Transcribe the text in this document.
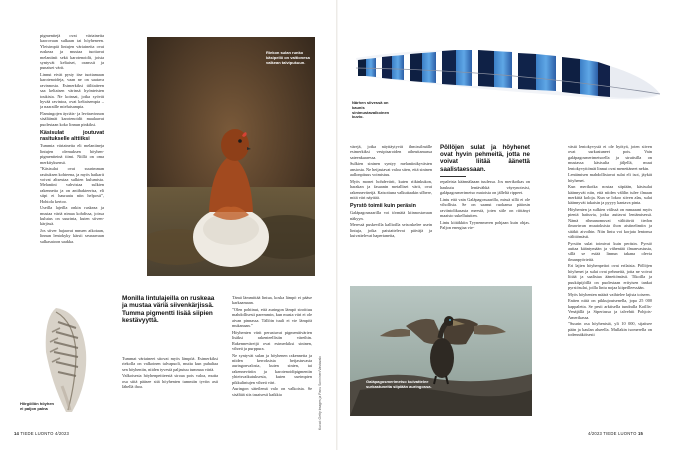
pigmenttejä ovat väriaineita kaorovaan sulkaan tai höyheneen. Yleisimpiä lintujen väriaineita ovat ruskeaa ja mustaa tuottavat melaniinit sekä karotenoidit, joista syntyvät keltaiset, oranssit ja punaiset värit.

Linnut eivät pysty itse tuottamaan karotenoideja, vaan ne on saatava ravinnosta. Esimerkiksi tiilitaiteen saa keltaisen värinsä hyönteisten toukista. Ne koinsat, jotka syövät hyvää ravintoa, ovat keltaisempia – ja naaraille mieluisampia.

Flamingojen äyriäis- ja leväravinnon sisältämät karotenoidit maalaavat puolestaan koko linnun pinkiksi.

Käsisulat joutuvat rasitukselle alttiiksi

Tummia väriaineita eli melaniineja lintujen olemuksen höyhen-pigmentteinä tiimi. Niillä on oma merkityksensä.

”Käsisulat ovat suurimman rasituksen kohteena, ja myös haikarit voivat altseutaa sulkien kulumista. Melaniini vahvistaa sulkien rakennetta ja on antibakteerisa, eli siipi ei hauraatu niin helposti”, Hohtola kertoo.

Useilla lajeilla onkin ruskeaa ja mustaa väriä nimaa kohdissa, joissa kulutus on suurinta, kuten siiven-kärjissä.

Jos siiver hajaavat mnuen aikotaan, linnun lentokyky kärsii seuraavaan sulkasatoon saakka.

Riekon sulan runko käsipeilö on valtionesa valkean talvipukuun.
Hiirgöllön höyhen ei paljon palna
Monilla lintulajeilla on ruskeaa ja mustaa väriä siivenkärjissä. Tumma pigmentti lisää siipien kestävyyttä.

Tummat väriaineet sitovat myös lämpöä. Esimerkiksi riekolla on valkoinen talvapuoli, mutta kun puhaltaa sen höyheniin, niiden tyvestä paljastuu tummaa väriä.

Valkoisesta höyhenpeitteestä siroaa pois valoa, mutta osa siitä pääsee sitä höyhenten tummiin tyviin asti lähellä ihoa.

Tämä lämmittää lintua, koska lämpö ei pääse karkaamaan.

”Olen pohtinut, että auringon lämpö stroittuu mahdollisesti paremmin, kun musta väri ei ole aivan pinnassa. Tällöin tuuli ei vie lämpöä mukanaan.”

Höyhenten värit perustuvat pigmenttivärien lisäksi rakenteellisiin väreihin. Rakenneväreijä ovat esimerkiksi sininen, vihreä ja purppura.

Ne syntyvät sulan ja höyhenen rakennetta ja niiden kerroksista heijastuvasta auringonvalosta, kuten sinien, tai rakenneväriin ja karotenoidipigmentin yhteisvaikutuksesta, kuten useimpien pikkulintujen vihreä väri.

Auringon säteilemä valo on valkoista. Se sisältää siis tasaisesti kaikkia	Kuvat: Getty Images ja Panu Sonninen/Vastavalo
14 TIEDE LUONTO 4/2023
Närhen siivessä on kaunis sinimustavalkoinen kuvio.

värejä, jotka näyttäytyvät ihmissilmälle esimerkiksi vesipisaroiden aiheuttamassa sateenkaaressa.

Sulkien sininen syntyy melaniinikyvästen ansiosta. Ne heijastavat valoa siten, että sininen aallonpituus voimistuu.

Myös monet hohdevärit, kuten riikinkukon, harakan ja fasaanin metalliset värit, ovat rakenneväreijä. Katsottuna valkuttaakin silbere, mitä väri näyttää.

Pyrstö toimii kuin peräsin

Galápagosnaarilla voi törmätä kiinnostavaan näkyyn.

Meressä puskevilla kallioilla seisoskelee usein lintuja, jotka paistattelevat päiväjä ja kuivattelevat hapertaneita,

Pöllöjen sulat ja höyhenet ovat hyvin pehmeitä, jotta ne voivat liitää äänettä saalistaessaan.

repaleisia käännälaaan tuulessa. Jos merikotkas on haukutu lentävähkä väyrynotrsisi, galápagosmerimetso matoista on jälleltä rippeet.

Lintu että vain Galápagossaarilla, missä sillä ei ole vihollisia. Se on saanut ruokansa pääosin raviintolikasasta meestä, joten siile on riittänyt maaisto sukelluiutten.

Lintu kiitäkkiin Tyynenmeren pohjaan kuin ohjas. Paljon energiaa vie-

Galápagosmerimetso kuivattelee surkastuneita siipiään auringossa.

västä lentokyvystä ei ole hyötyä, joten siiven ovat surkastuneet pois. Vain galápagosmerimetsoella ja struttsilla on mustassa käsisulia jäljellä, muut lentokyvyttömät linnut ovat menettäneet nekin.

Lentämisen mahdollistavat sulat eli isot, jäykät höyhenet.

Kun merikotka nostaa siipiään, käsisulat käännyvät niin, että niiden välilin tulee ilmaan merkittä koloja. Kun se lokoo siiven alas, sulat käännyvät takaisin ja pyyyy kantava pinta.

Höyhenten ja sulkien välissä on mmaaant myös pieniä haituvia, jotka auttavat lentämisessä. Nämä rihmanomuvat välittävät tiedon ilmavirran muutoksista ihon aistinelimiin ja sitäkit aivoihin. Niin lintu voi korjata lentonsa välittömästi.

Pyrstön sulat toimivat kuin peräsin. Pyrstö auttaa kääntymään ja vähentää ilmanvastusta, sillä se estää linnun takana olevia ilmanpyörteitä.

Eri lajien höyhenpeitot ovat erilaisia. Pöllöjen höyhenet ja sulat ovat pehmeitä, jotta ne voivat liitää ja saalistaa äänettömästi. Tikoilla ja puukiipijöillä on puolestaan erityisen tankat pyrstösulat, joilla lintu nojaa kiipeilleessään.

Myös höyhenten määrä vaihtelee lajista toiseen.

Eniten niitä on pikkujoutsenella, jopa 25 000 kappaletta. Se pesii arktisella tundralla Koillis-Venäjällä ja Siperiassa ja talvehtii Pohjois-Amerikassa.

”Suurin osa höyhenistä, yli 10 000, sijaitsee pään ja kaulan alueella. Mullakin isomerella on todennäköisesti

4/2023 TIEDE LUONTO 15
